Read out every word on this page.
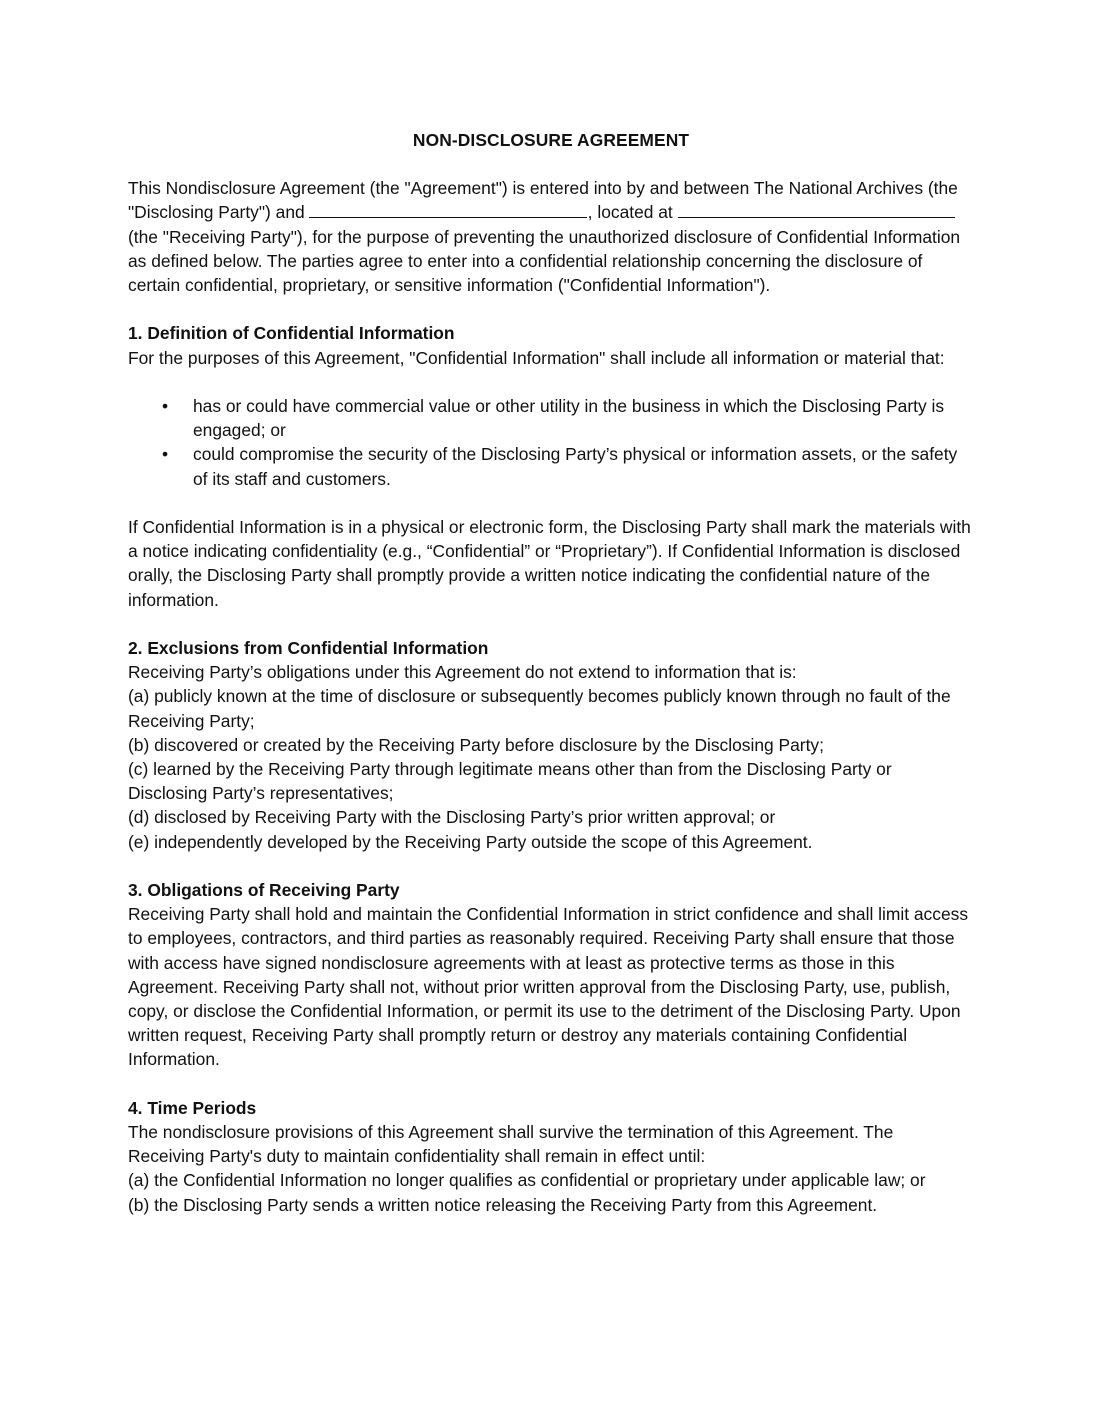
NON-DISCLOSURE AGREEMENT

This Nondisclosure Agreement (the "Agreement") is entered into by and between The National Archives (the "Disclosing Party") and	, located at (the "Receiving Party"), for the purpose of preventing the unauthorized disclosure of Confidential Information as defined below. The parties agree to enter into a confidential relationship concerning the disclosure of certain confidential, proprietary, or sensitive information ("Confidential Information").

1. Definition of Confidential Information

For the purposes of this Agreement, "Confidential Information" shall include all information or material that:

• has or could have commercial value or other utility in the business in which the Disclosing Party is engaged; or
• could compromise the security of the Disclosing Party’s physical or information assets, or the safety of its staff and customers.

If Confidential Information is in a physical or electronic form, the Disclosing Party shall mark the materials with a notice indicating confidentiality (e.g., “Confidential” or “Proprietary”). If Confidential Information is disclosed orally, the Disclosing Party shall promptly provide a written notice indicating the confidential nature of the information.

2. Exclusions from Confidential Information

Receiving Party’s obligations under this Agreement do not extend to information that is:

(a) publicly known at the time of disclosure or subsequently becomes publicly known through no fault of the Receiving Party;

(b) discovered or created by the Receiving Party before disclosure by the Disclosing Party;

(c) learned by the Receiving Party through legitimate means other than from the Disclosing Party or Disclosing Party’s representatives;

(d) disclosed by Receiving Party with the Disclosing Party’s prior written approval; or

(e) independently developed by the Receiving Party outside the scope of this Agreement.

3. Obligations of Receiving Party

Receiving Party shall hold and maintain the Confidential Information in strict confidence and shall limit access to employees, contractors, and third parties as reasonably required. Receiving Party shall ensure that those with access have signed nondisclosure agreements with at least as protective terms as those in this Agreement. Receiving Party shall not, without prior written approval from the Disclosing Party, use, publish, copy, or disclose the Confidential Information, or permit its use to the detriment of the Disclosing Party. Upon written request, Receiving Party shall promptly return or destroy any materials containing Confidential Information.

4. Time Periods

The nondisclosure provisions of this Agreement shall survive the termination of this Agreement. The Receiving Party's duty to maintain confidentiality shall remain in effect until:

(a) the Confidential Information no longer qualifies as confidential or proprietary under applicable law; or

(b) the Disclosing Party sends a written notice releasing the Receiving Party from this Agreement.
